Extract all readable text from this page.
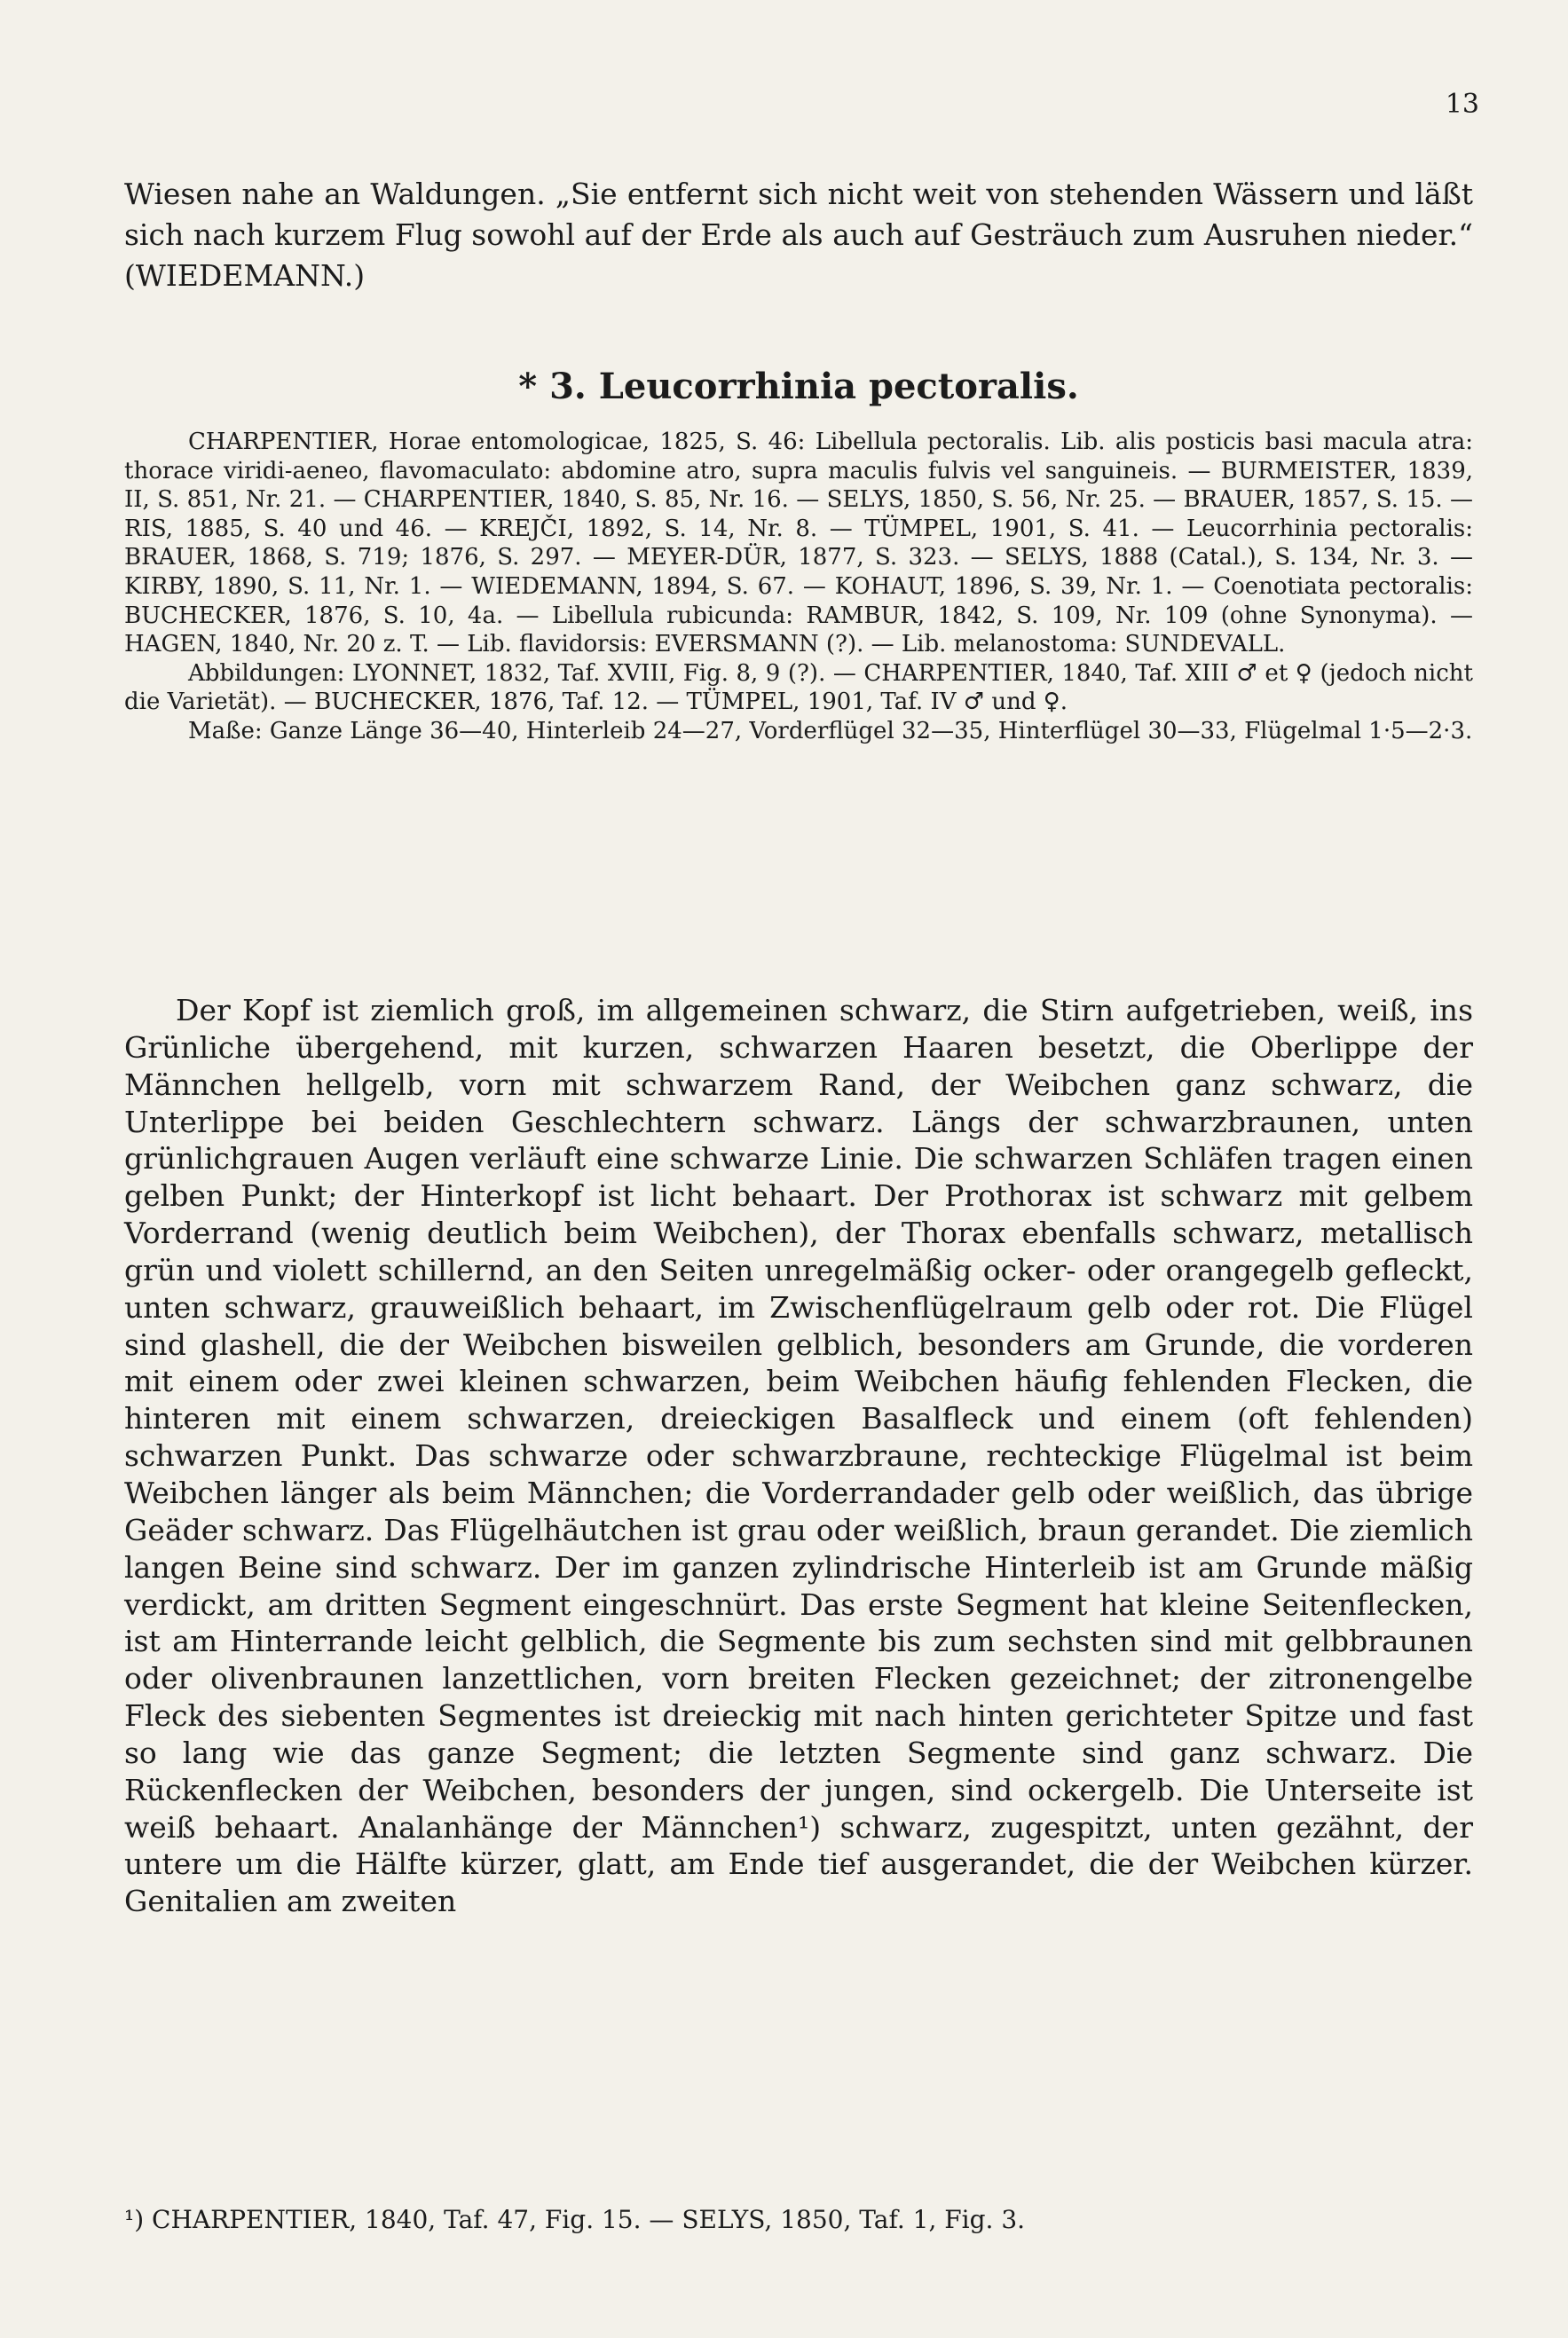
13

Wiesen nahe an Waldungen. „Sie entfernt sich nicht weit von stehenden Wässern und läßt sich nach kurzem Flug sowohl auf der Erde als auch auf Gesträuch zum Ausruhen nieder.“ (WIEDEMANN.)

* 3. Leucorrhinia pectoralis.

CHARPENTIER, Horae entomologicae, 1825, S. 46: Libellula pectoralis. Lib. alis posticis basi macula atra: thorace viridi-aeneo, flavomaculato: abdomine atro, supra maculis fulvis vel sanguineis. — BURMEISTER, 1839, II, S. 851, Nr. 21. — CHARPENTIER, 1840, S. 85, Nr. 16. — SELYS, 1850, S. 56, Nr. 25. — BRAUER, 1857, S. 15. — RIS, 1885, S. 40 und 46. — KREJČI, 1892, S. 14, Nr. 8. — TÜMPEL, 1901, S. 41. — Leucorrhinia pectoralis: BRAUER, 1868, S. 719; 1876, S. 297. — MEYER-DÜR, 1877, S. 323. — SELYS, 1888 (Catal.), S. 134, Nr. 3. — KIRBY, 1890, S. 11, Nr. 1. — WIEDEMANN, 1894, S. 67. — KOHAUT, 1896, S. 39, Nr. 1. — Coenotiata pectoralis: BUCHECKER, 1876, S. 10, 4a. — Libellula rubicunda: RAMBUR, 1842, S. 109, Nr. 109 (ohne Synonyma). — HAGEN, 1840, Nr. 20 z. T. — Lib. flavidorsis: EVERSMANN (?). — Lib. melanostoma: SUNDEVALL.

Abbildungen: LYONNET, 1832, Taf. XVIII, Fig. 8, 9 (?). — CHARPENTIER, 1840, Taf. XIII ♂ et ♀ (jedoch nicht die Varietät). — BUCHECKER, 1876, Taf. 12. — TÜMPEL, 1901, Taf. IV ♂ und ♀.

Maße: Ganze Länge 36—40, Hinterleib 24—27, Vorderflügel 32—35, Hinterflügel 30—33, Flügelmal 1·5—2·3.

Der Kopf ist ziemlich groß, im allgemeinen schwarz, die Stirn aufgetrieben, weiß, ins Grünliche übergehend, mit kurzen, schwarzen Haaren besetzt, die Oberlippe der Männchen hellgelb, vorn mit schwarzem Rand, der Weibchen ganz schwarz, die Unterlippe bei beiden Geschlechtern schwarz. Längs der schwarzbraunen, unten grünlichgrauen Augen verläuft eine schwarze Linie. Die schwarzen Schläfen tragen einen gelben Punkt; der Hinterkopf ist licht behaart. Der Prothorax ist schwarz mit gelbem Vorderrand (wenig deutlich beim Weibchen), der Thorax ebenfalls schwarz, metallisch grün und violett schillernd, an den Seiten unregelmäßig ocker- oder orangegelb gefleckt, unten schwarz, grauweißlich behaart, im Zwischenflügelraum gelb oder rot. Die Flügel sind glashell, die der Weibchen bisweilen gelblich, besonders am Grunde, die vorderen mit einem oder zwei kleinen schwarzen, beim Weibchen häufig fehlenden Flecken, die hinteren mit einem schwarzen, dreieckigen Basalfleck und einem (oft fehlenden) schwarzen Punkt. Das schwarze oder schwarzbraune, rechteckige Flügelmal ist beim Weibchen länger als beim Männchen; die Vorderrandader gelb oder weißlich, das übrige Geäder schwarz. Das Flügelhäutchen ist grau oder weißlich, braun gerandet. Die ziemlich langen Beine sind schwarz. Der im ganzen zylindrische Hinterleib ist am Grunde mäßig verdickt, am dritten Segment eingeschnürt. Das erste Segment hat kleine Seitenflecken, ist am Hinterrande leicht gelblich, die Segmente bis zum sechsten sind mit gelbbraunen oder olivenbraunen lanzettlichen, vorn breiten Flecken gezeichnet; der zitronengelbe Fleck des siebenten Segmentes ist dreieckig mit nach hinten gerichteter Spitze und fast so lang wie das ganze Segment; die letzten Segmente sind ganz schwarz. Die Rückenflecken der Weibchen, besonders der jungen, sind ockergelb. Die Unterseite ist weiß behaart. Analanhänge der Männchen¹) schwarz, zugespitzt, unten gezähnt, der untere um die Hälfte kürzer, glatt, am Ende tief ausgerandet, die der Weibchen kürzer. Genitalien am zweiten

¹) CHARPENTIER, 1840, Taf. 47, Fig. 15. — SELYS, 1850, Taf. 1, Fig. 3.
